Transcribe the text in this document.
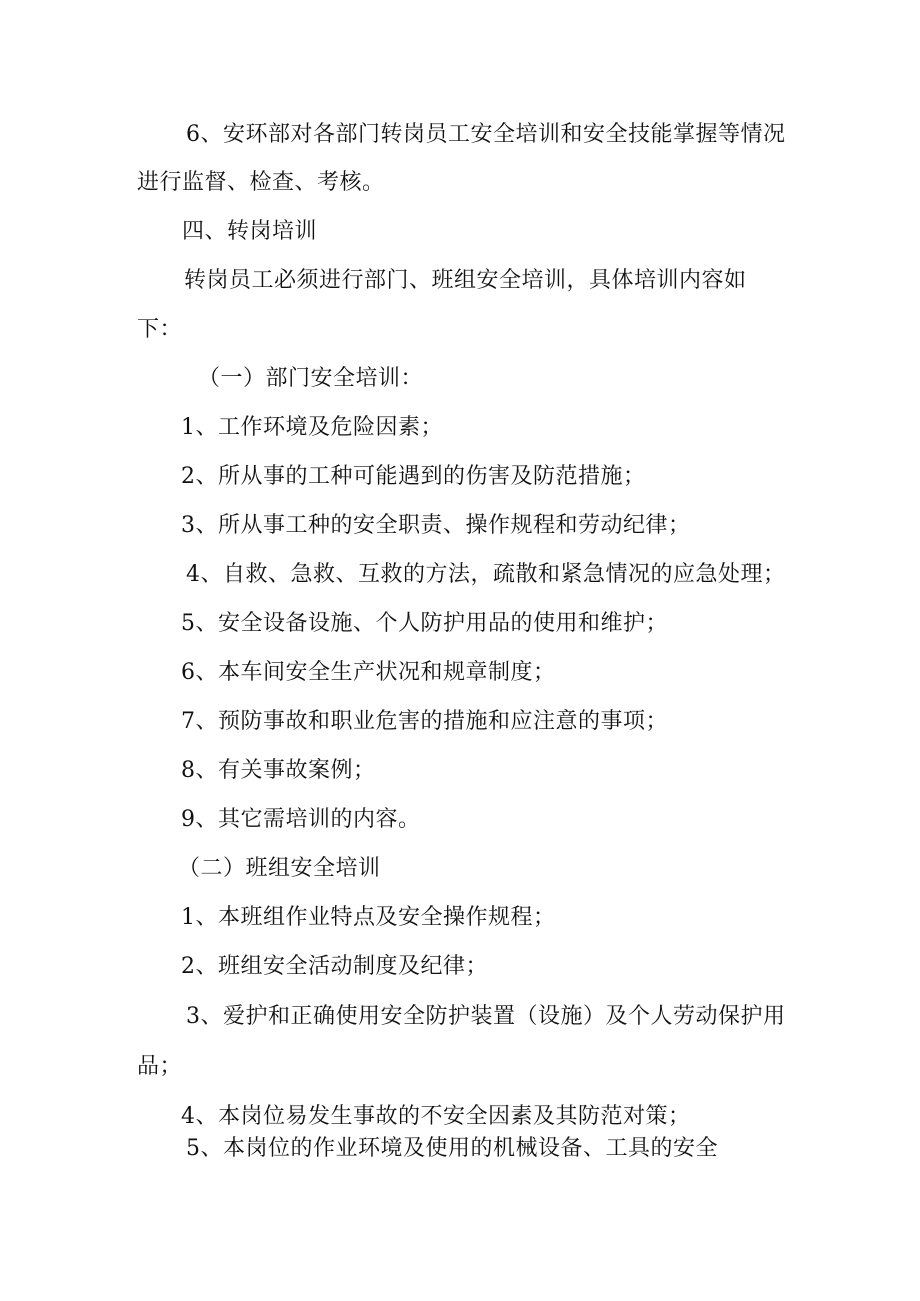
6、安环部对各部门转岗员工安全培训和安全技能掌握等情况
进行监督、检查、考核。
四、转岗培训
转岗员工必须进行部门、班组安全培训，具体培训内容如
下：
（一）部门安全培训：
1、工作环境及危险因素；
2、所从事的工种可能遇到的伤害及防范措施；
3、所从事工种的安全职责、操作规程和劳动纪律；
4、自救、急救、互救的方法，疏散和紧急情况的应急处理；
5、安全设备设施、个人防护用品的使用和维护；
6、本车间安全生产状况和规章制度；
7、预防事故和职业危害的措施和应注意的事项；
8、有关事故案例；
9、其它需培训的内容。
（二）班组安全培训
1、本班组作业特点及安全操作规程；
2、班组安全活动制度及纪律；
3、爱护和正确使用安全防护装置（设施）及个人劳动保护用
品；
4、本岗位易发生事故的不安全因素及其防范对策；
5、本岗位的作业环境及使用的机械设备、工具的安全
